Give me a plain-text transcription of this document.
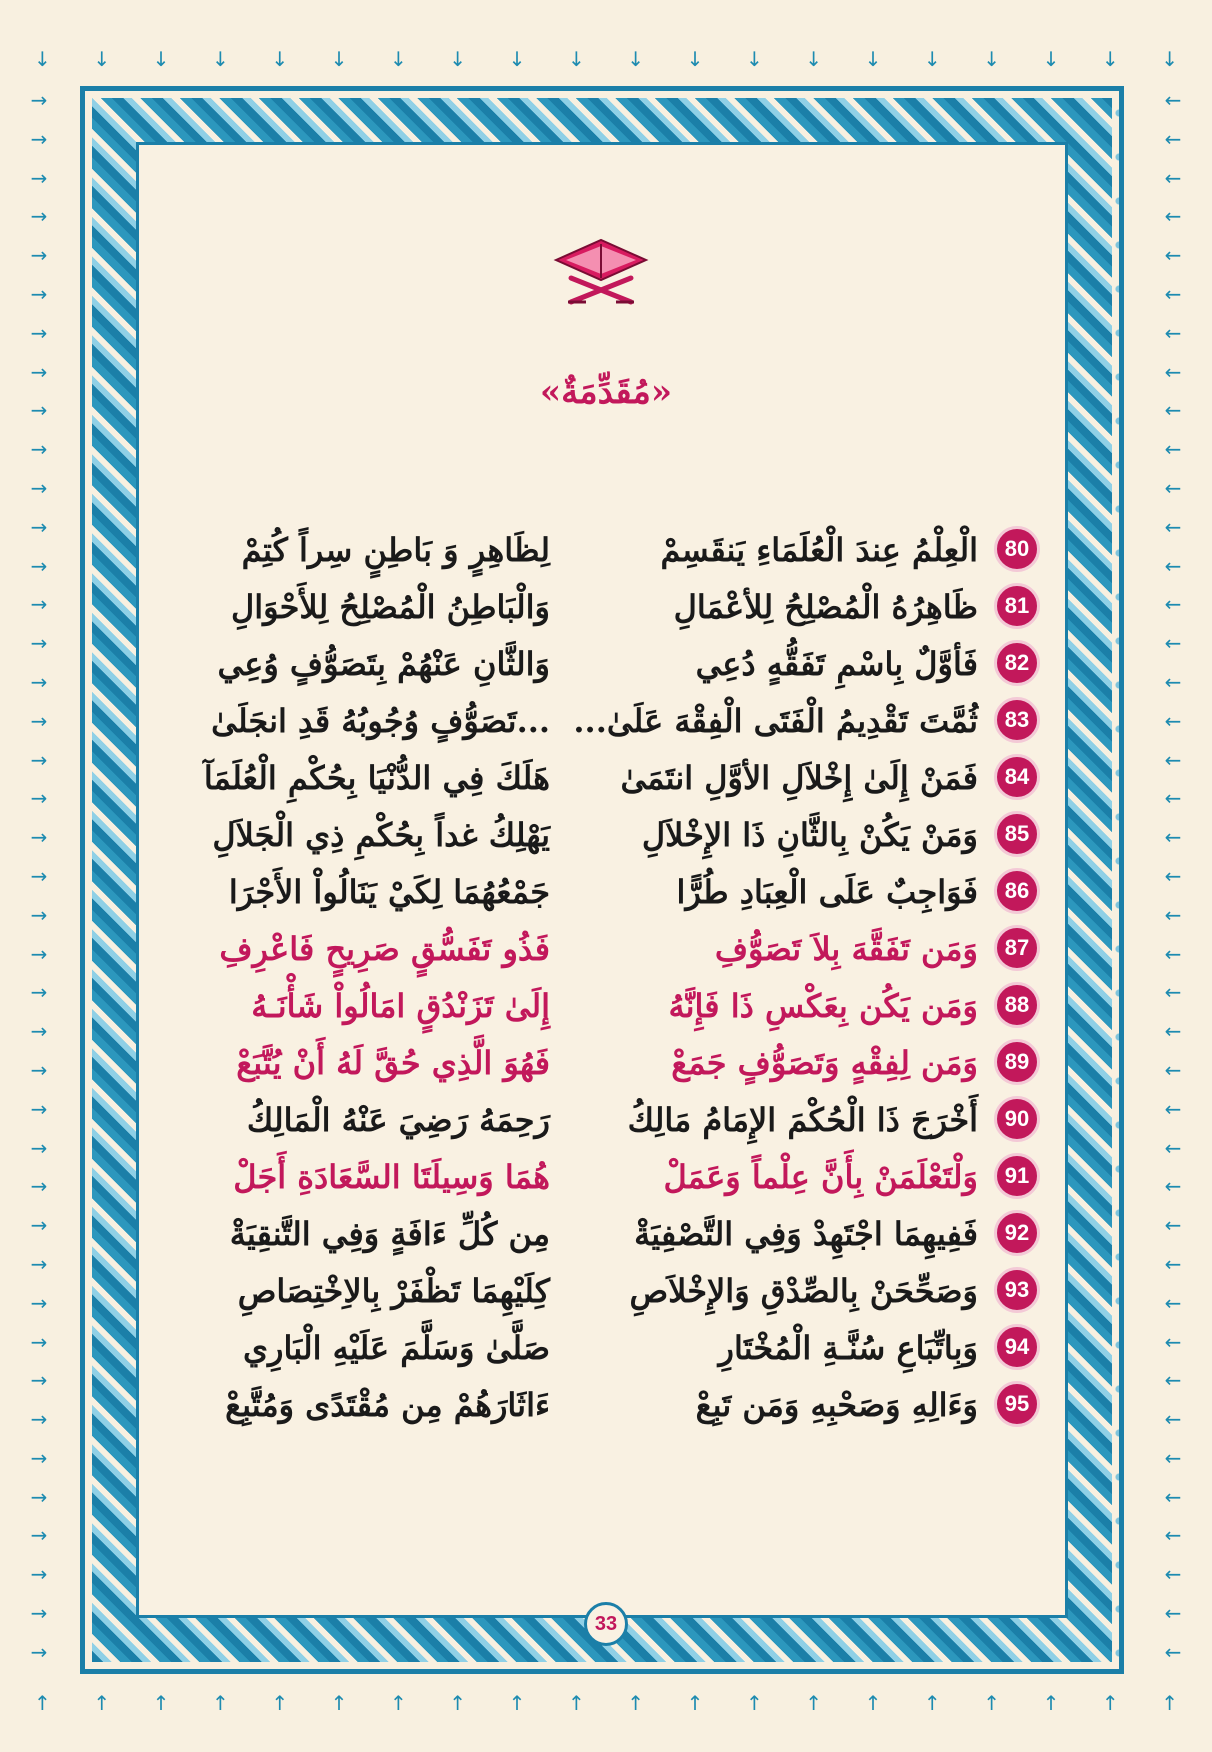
↓ ↓ ↓ ↓ ↓ ↓ ↓ ↓ ↓ ↓ ↓ ↓ ↓ ↓ ↓ ↓ ↓ ↓ ↓ ↓
↑ ↑ ↑ ↑ ↑ ↑ ↑ ↑ ↑ ↑ ↑ ↑ ↑ ↑ ↑ ↑ ↑ ↑ ↑ ↑
→
→
→
→
→
→
→
→
→
→
→
→
→
→
→
→
→
→
→
→
→
→
→
→
→
→
→
→
→
→
→
→
→
→
→
→
→
→
→
→
→
←
←
←
←
←
←
←
←
←
←
←
←
←
←
←
←
←
←
←
←
←
←
←
←
←
←
←
←
←
←
←
←
←
←
←
←
←
←
←
←
←
«مُقَدِّمَةٌ»
80
الْعِلْمُ عِندَ الْعُلَمَاءِ يَنقَسِمْ
لِظَاهِرٍ وَ بَاطِنٍ سِراً كُتِمْ
81
ظَاهِرُهُ الْمُصْلِحُ لِلأعْمَالِ
وَالْبَاطِنُ الْمُصْلِحُ لِلأَحْوَالِ
82
فَأوَّلٌ بِاسْمِ تَفَقُّهٍ دُعِي
وَالثَّانِ عَنْهُمْ بِتَصَوُّفٍ وُعِي
83
ثُمَّتَ تَقْدِيمُ الْفَتَى الْفِقْهَ عَلَىٰ...
...تَصَوُّفٍ وُجُوبُهُ قَدِ انجَلَىٰ
84
فَمَنْ إِلَىٰ إِخْلاَلِ الأوَّلِ انتَمَىٰ
هَلَكَ فِي الدُّنْيَا بِحُكْمِ الْعُلَمَآ
85
وَمَنْ يَكُنْ بِالثَّانِ ذَا الإِخْلاَلِ
يَهْلِكُ غداً بِحُكْمِ ذِي الْجَلاَلِ
86
فَوَاجِبٌ عَلَى الْعِبَادِ طُرًّا
جَمْعُهُمَا لِكَيْ يَنَالُواْ الأَجْرَا
87
وَمَن تَفَقَّهَ بِلاَ تَصَوُّفِ
فَذُو تَفَسُّقٍ صَرِيحٍ فَاعْرِفِ
88
وَمَن يَكُن بِعَكْسِ ذَا فَإِنَّهُ
إِلَىٰ تَزَنْدُقٍ امَالُواْ شَأْنَـهُ
89
وَمَن لِفِقْهٍ وَتَصَوُّفٍ جَمَعْ
فَهُوَ الَّذِي حُقَّ لَهُ أَنْ يُتَّبَعْ
90
أَخْرَجَ ذَا الْحُكْمَ الإِمَامُ مَالِكُ
رَحِمَهُ رَضِيَ عَنْهُ الْمَالِكُ
91
وَلْتَعْلَمَنْ بِأَنَّ عِلْماً وَعَمَلْ
هُمَا وَسِيلَتَا السَّعَادَةِ أَجَلْ
92
فَفِيهِمَا اجْتَهِدْ وَفِي التَّصْفِيَةْ
مِن كُلِّ ءَافَةٍ وَفِي التَّنقِيَةْ
93
وَصَحِّحَنْ بِالصِّدْقِ وَالإِخْلاَصِ
كِلَيْهِمَا تَظْفَرْ بِالاِخْتِصَاصِ
94
وَبِاتِّبَاعِ سُنَّـةِ الْمُخْتَارِ
صَلَّىٰ وَسَلَّمَ عَلَيْهِ الْبَارِي
95
وَءَالِهِ وَصَحْبِهِ وَمَن تَبِعْ
ءَاثَارَهُمْ مِن مُقْتَدًى وَمُتَّبِعْ
33
